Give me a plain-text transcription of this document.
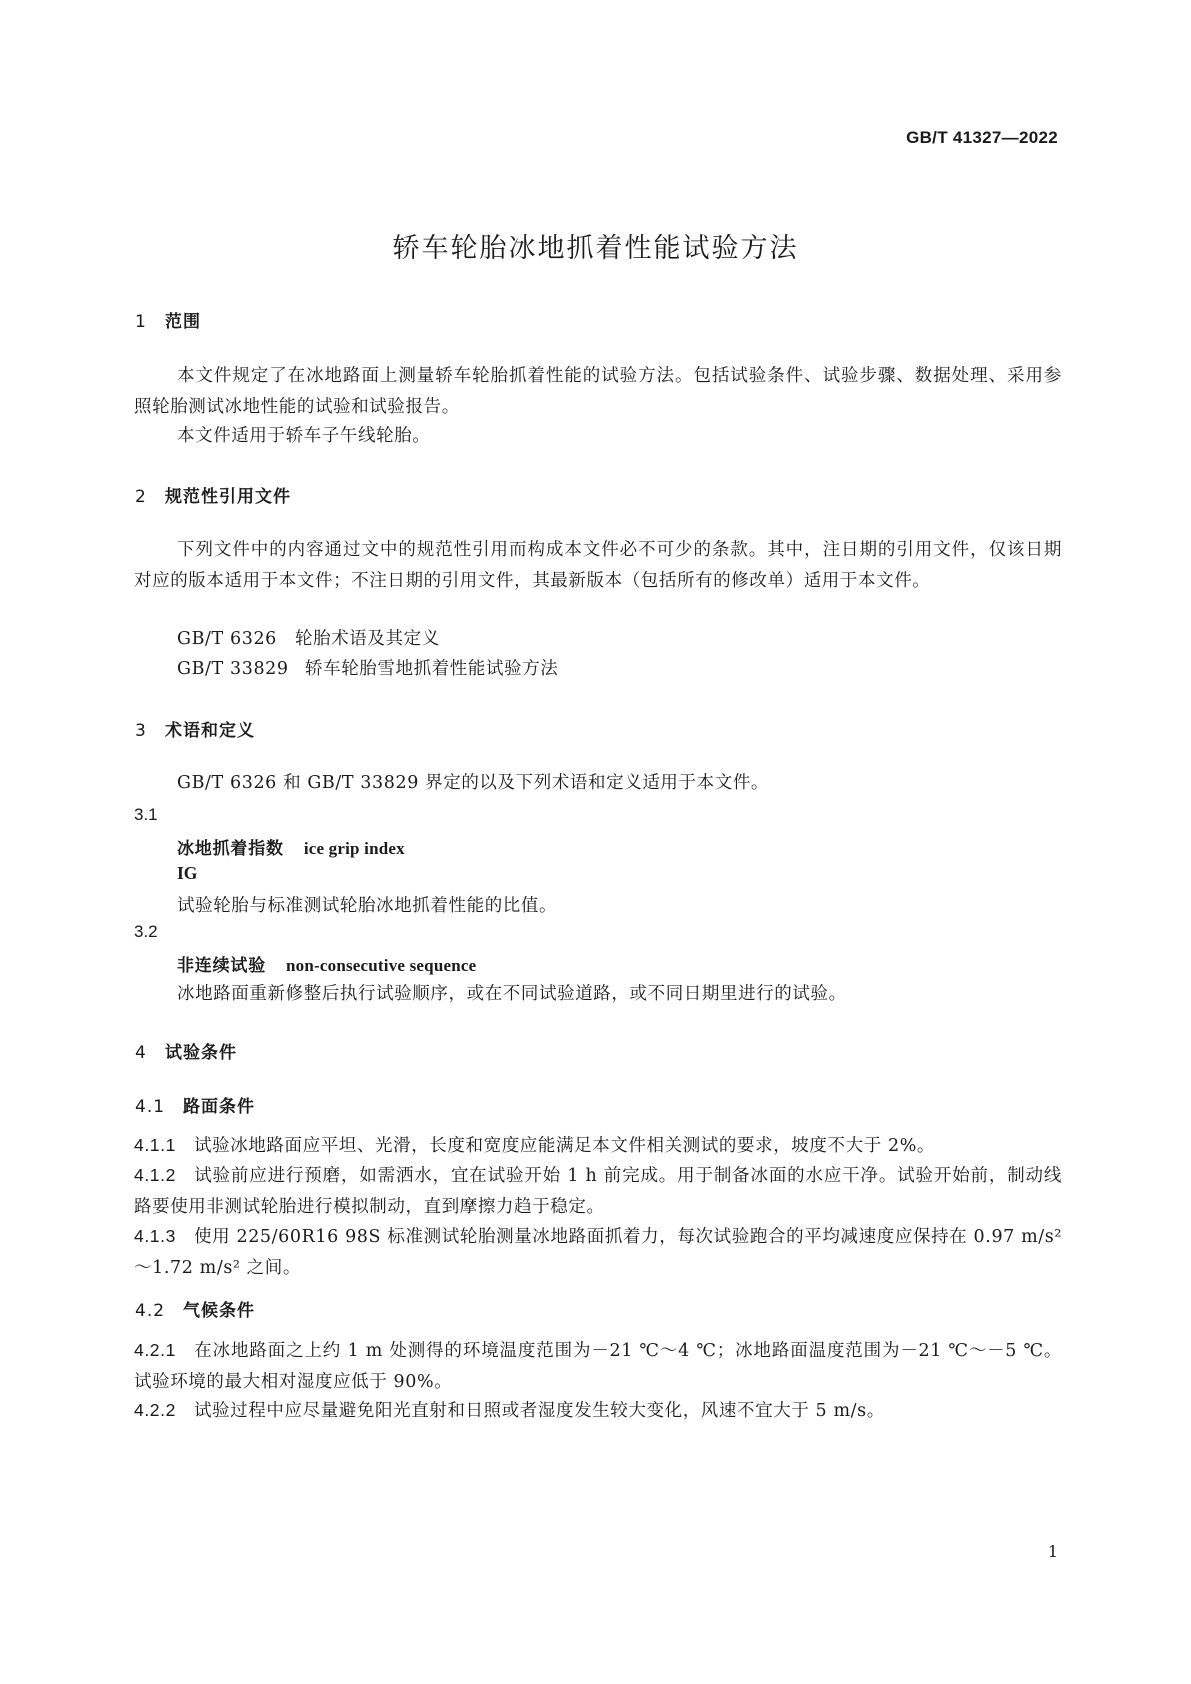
GB/T 41327—2022
轿车轮胎冰地抓着性能试验方法
1 范围
本文件规定了在冰地路面上测量轿车轮胎抓着性能的试验方法。包括试验条件、试验步骤、数据处理、采用参照轮胎测试冰地性能的试验和试验报告。
本文件适用于轿车子午线轮胎。
2 规范性引用文件
下列文件中的内容通过文中的规范性引用而构成本文件必不可少的条款。其中，注日期的引用文件，仅该日期对应的版本适用于本文件；不注日期的引用文件，其最新版本（包括所有的修改单）适用于本文件。
GB/T 6326 轮胎术语及其定义
GB/T 33829 轿车轮胎雪地抓着性能试验方法
3 术语和定义
GB/T 6326 和 GB/T 33829 界定的以及下列术语和定义适用于本文件。
3.1
冰地抓着指数 ice grip index
IG
试验轮胎与标准测试轮胎冰地抓着性能的比值。
3.2
非连续试验 non-consecutive sequence
冰地路面重新修整后执行试验顺序，或在不同试验道路，或不同日期里进行的试验。
4 试验条件
4.1 路面条件
4.1.1 试验冰地路面应平坦、光滑，长度和宽度应能满足本文件相关测试的要求，坡度不大于 2%。
4.1.2 试验前应进行预磨，如需洒水，宜在试验开始 1 h 前完成。用于制备冰面的水应干净。试验开始前，制动线路要使用非测试轮胎进行模拟制动，直到摩擦力趋于稳定。
4.1.3 使用 225/60R16 98S 标准测试轮胎测量冰地路面抓着力，每次试验跑合的平均减速度应保持在 0.97 m/s² ～1.72 m/s² 之间。
4.2 气候条件
4.2.1 在冰地路面之上约 1 m 处测得的环境温度范围为－21 ℃～4 ℃；冰地路面温度范围为－21 ℃～－5 ℃。试验环境的最大相对湿度应低于 90%。
4.2.2 试验过程中应尽量避免阳光直射和日照或者湿度发生较大变化，风速不宜大于 5 m/s。
1
